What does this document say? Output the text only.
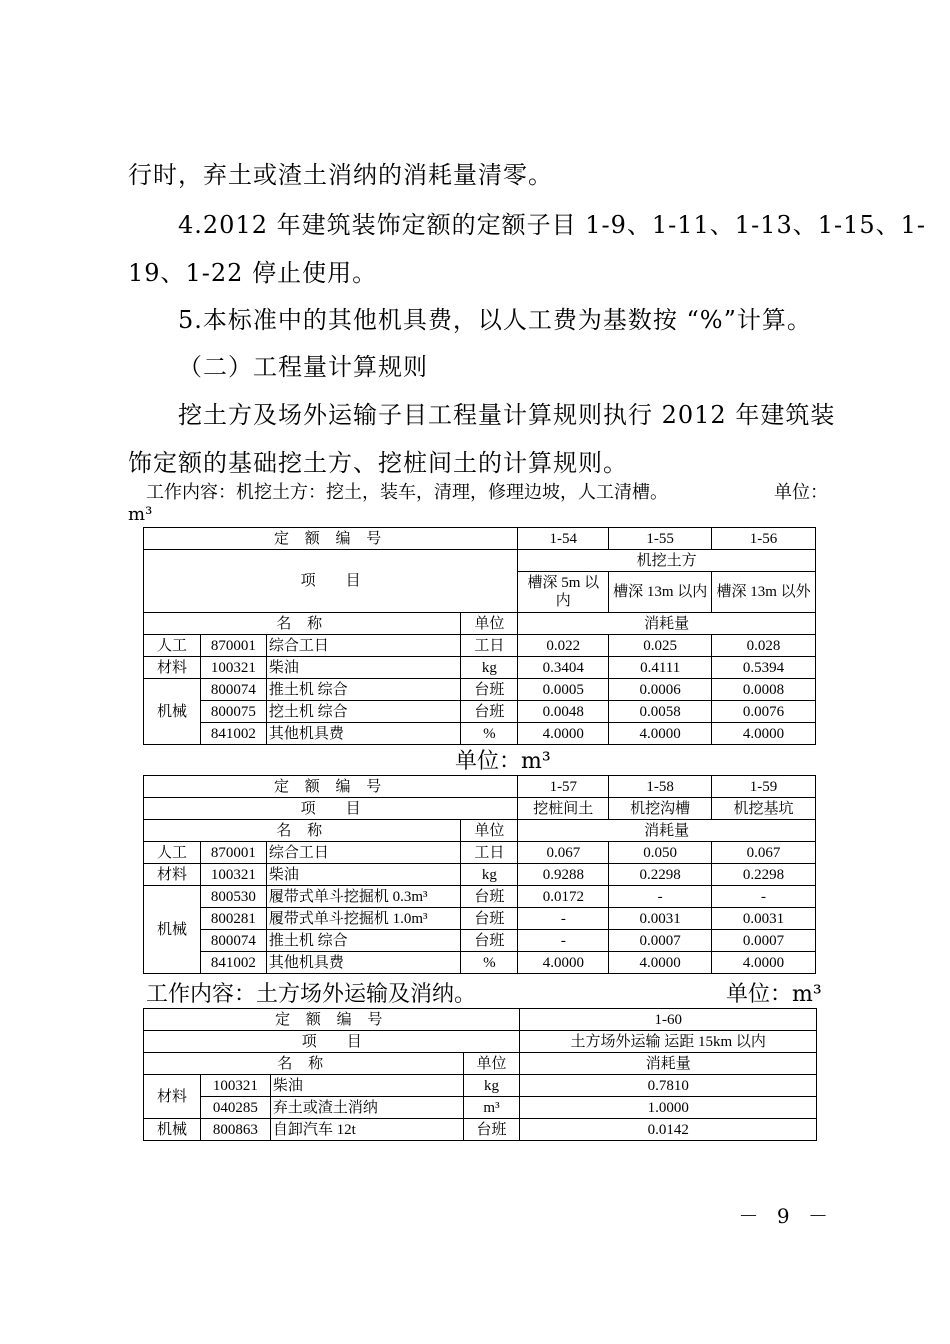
行时，弃土或渣土消纳的消耗量清零。
4.2012 年建筑装饰定额的定额子目 1-9、1-11、1-13、1-15、1-
19、1-22 停止使用。
5.本标准中的其他机具费，以人工费为基数按 “%”计算。
（二）工程量计算规则
挖土方及场外运输子目工程量计算规则执行 2012 年建筑装
饰定额的基础挖土方、挖桩间土的计算规则。
工作内容：机挖土方：挖土，装车，清理，修理边坡，人工清槽。	单位：
m³
定 额 编 号				1-54	1-55	1-56
项　　目				机挖土方		
				槽深 5m 以内	槽深 13m 以内	槽深 13m 以外
名 称			单位	消耗量		
人工	870001	综合工日	工日	0.022	0.025	0.028
材料	100321	柴油	kg	0.3404	0.4111	0.5394
机械	800074	推土机 综合	台班	0.0005	0.0006	0.0008
	800075	挖土机 综合	台班	0.0048	0.0058	0.0076
	841002	其他机具费	%	4.0000	4.0000	4.0000
单位：m³
定 额 编 号				1-57	1-58	1-59
项　　目				挖桩间土	机挖沟槽	机挖基坑
名 称			单位	消耗量		
人工	870001	综合工日	工日	0.067	0.050	0.067
材料	100321	柴油	kg	0.9288	0.2298	0.2298
机械	800530	履带式单斗挖掘机 0.3m³	台班	0.0172	-	-
	800281	履带式单斗挖掘机 1.0m³	台班	-	0.0031	0.0031
	800074	推土机 综合	台班	-	0.0007	0.0007
	841002	其他机具费	%	4.0000	4.0000	4.0000
工作内容：土方场外运输及消纳。	单位：m³
定 额 编 号				1-60
项　　目				土方场外运输 运距 15km 以内
名 称			单位	消耗量
材料	100321	柴油	kg	0.7810
	040285	弃土或渣土消纳	m³	1.0000
机械	800863	自卸汽车 12t	台班	0.0142
－ 9 －
